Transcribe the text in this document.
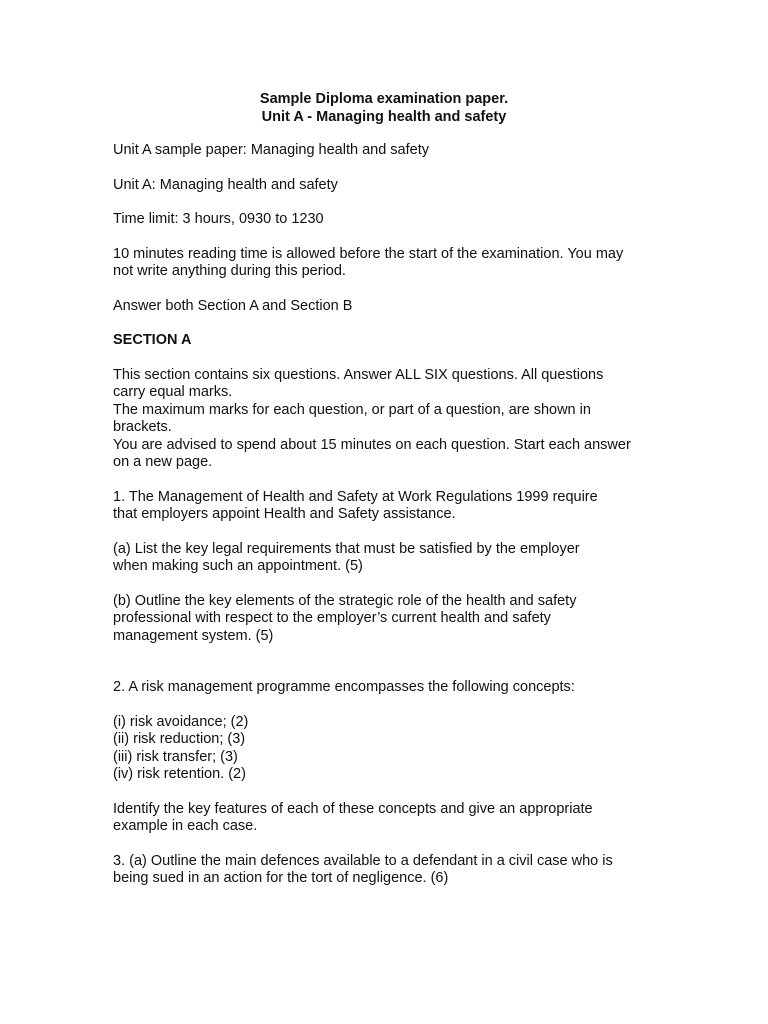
Sample Diploma examination paper.
Unit A - Managing health and safety

Unit A sample paper: Managing health and safety

Unit A: Managing health and safety

Time limit: 3 hours, 0930 to 1230

10 minutes reading time is allowed before the start of the examination. You may
not write anything during this period.

Answer both Section A and Section B

SECTION A

This section contains six questions. Answer ALL SIX questions. All questions
carry equal marks.

The maximum marks for each question, or part of a question, are shown in
brackets.

You are advised to spend about 15 minutes on each question. Start each answer
on a new page.

1. The Management of Health and Safety at Work Regulations 1999 require
that employers appoint Health and Safety assistance.

(a) List the key legal requirements that must be satisfied by the employer
when making such an appointment. (5)

(b) Outline the key elements of the strategic role of the health and safety
professional with respect to the employer’s current health and safety
management system. (5)

2. A risk management programme encompasses the following concepts:

(i) risk avoidance; (2)

(ii) risk reduction; (3)

(iii) risk transfer; (3)

(iv) risk retention. (2)

Identify the key features of each of these concepts and give an appropriate
example in each case.

3. (a) Outline the main defences available to a defendant in a civil case who is
being sued in an action for the tort of negligence. (6)
